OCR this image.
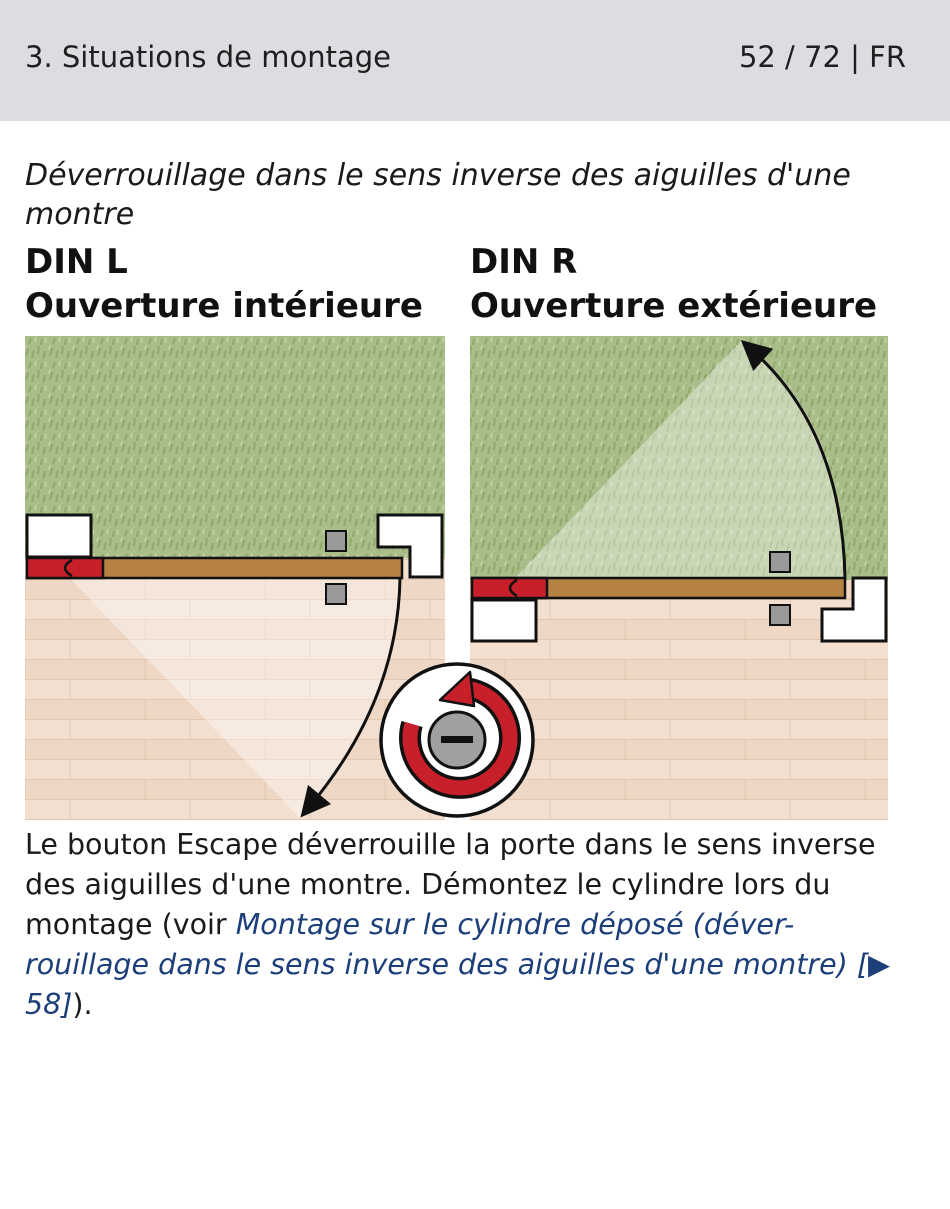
3. Situations de montage	52 / 72 | FR
Déverrouillage dans le sens inverse des aiguilles d'une montre
DIN L
Ouverture intérieure
DIN R
Ouverture extérieure
Le bouton Escape déverrouille la porte dans le sens inverse des aiguilles d'une montre. Démontez le cylindre lors du montage (voir Montage sur le cylindre déposé (déver-rouillage dans le sens inverse des aiguilles d'une montre) [▶ 58]).
